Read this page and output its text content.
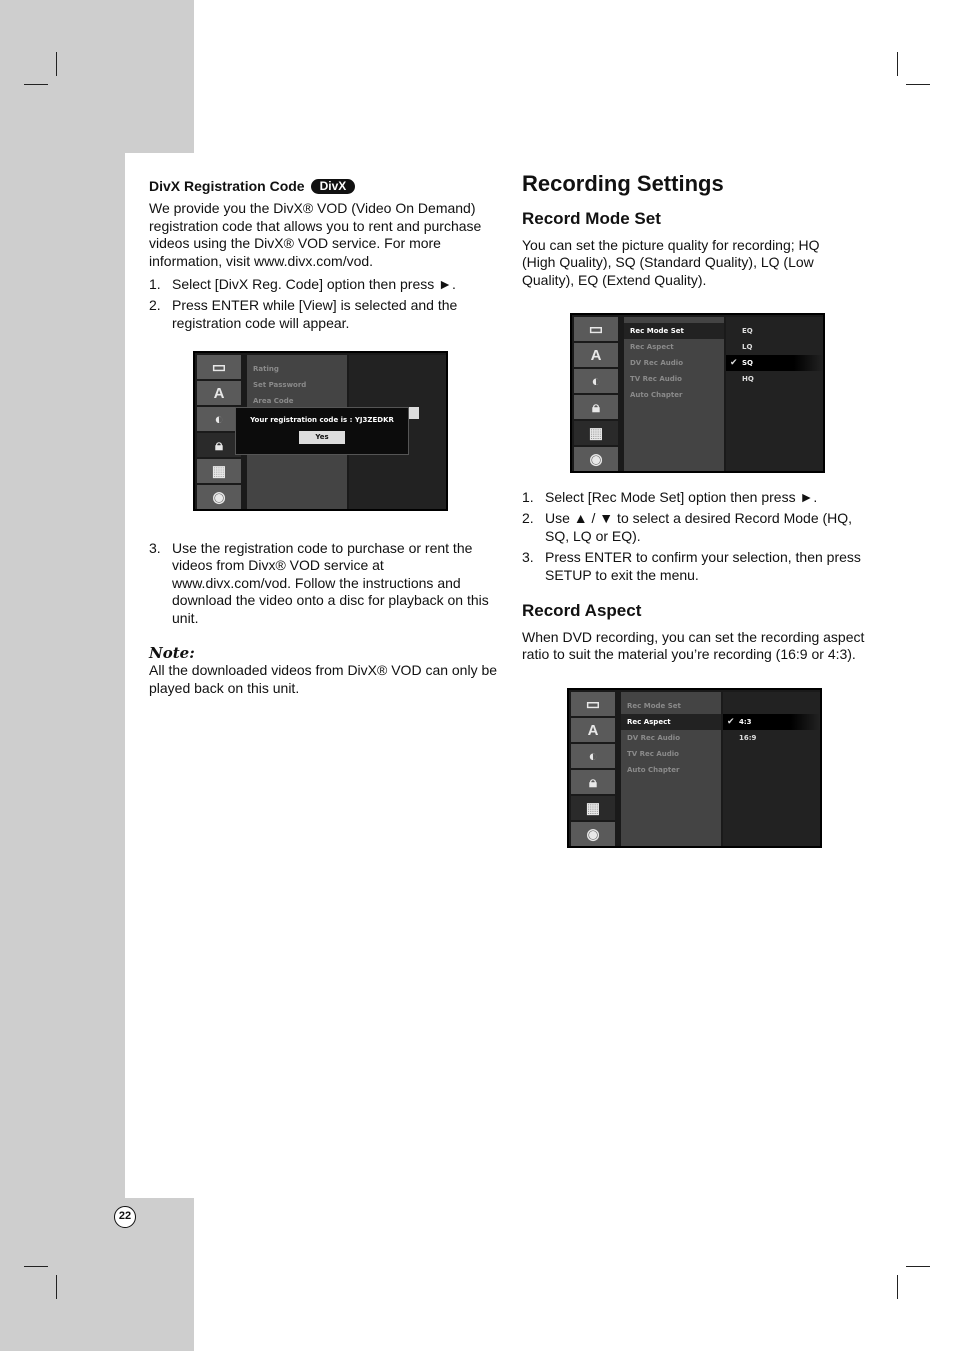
DivX Registration Code	DivX

We provide you the DivX® VOD (Video On Demand) registration code that allows you to rent and purchase videos using the DivX® VOD service. For more information, visit www.divx.com/vod.

1. Select [DivX Reg. Code] option then press ►.
2. Press ENTER while [View] is selected and the registration code will appear.
▭
A
◐
🔒︎
▦
◉
Rating
Set Password
Area Code
Your registration code is : YJ3ZEDKR
Yes
3. Use the registration code to purchase or rent the videos from Divx® VOD service at www.divx.com/vod. Follow the instructions and download the video onto a disc for playback on this unit.
Note:

All the downloaded videos from DivX® VOD can only be played back on this unit.

Recording Settings
Record Mode Set

You can set the picture quality for recording; HQ (High Quality), SQ (Standard Quality), LQ (Low Quality), EQ (Extend Quality).

▭
A
◐
🔒︎
▦
◉
Rec Mode Set
Rec Aspect
DV Rec Audio
TV Rec Audio
Auto Chapter
EQ
LQ
✔ SQ
HQ
1. Select [Rec Mode Set] option then press ►.
2. Use ▲ / ▼ to select a desired Record Mode (HQ, SQ, LQ or EQ).
3. Press ENTER to confirm your selection, then press SETUP to exit the menu.
Record Aspect

When DVD recording, you can set the recording aspect ratio to suit the material you’re recording (16:9 or 4:3).

▭
A
◐
🔒︎
▦
◉
Rec Mode Set
Rec Aspect
DV Rec Audio
TV Rec Audio
Auto Chapter
✔ 4:3
16:9
22
